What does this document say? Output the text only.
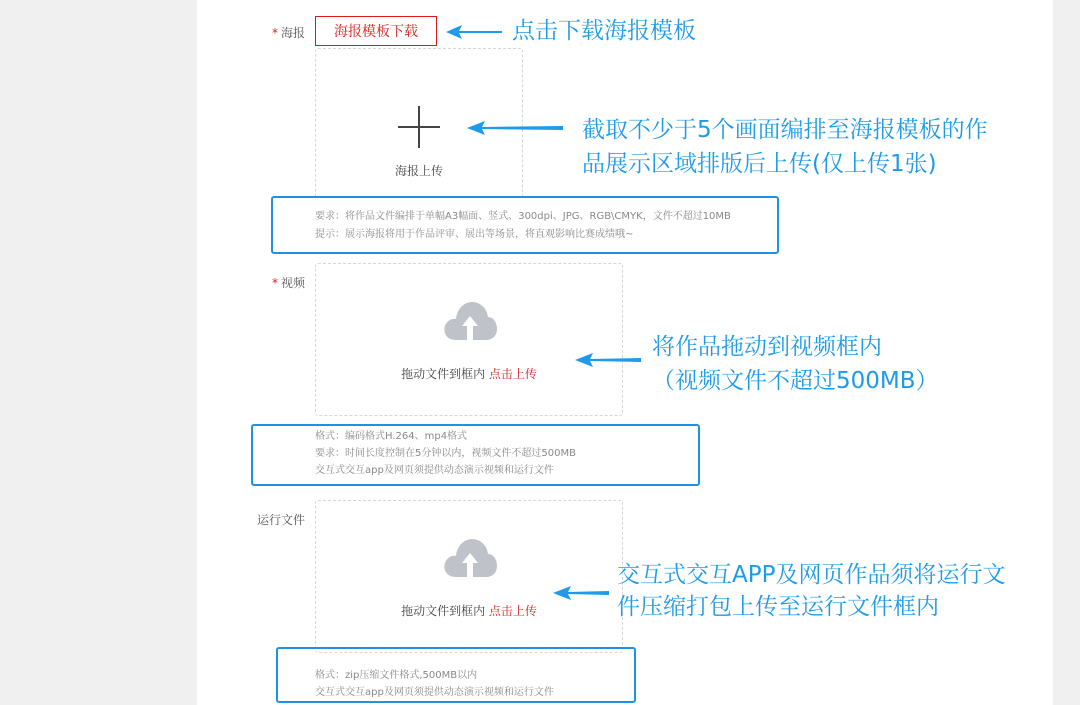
* 海报	海报模板下载
海报上传
要求：将作品文件编排于单幅A3幅面、竖式、300dpi、JPG、RGB\CMYK，文件不超过10MB
提示：展示海报将用于作品评审、展出等场景，将直观影响比赛成绩哦~
点击下载海报模板
截取不少于5个画面编排至海报模板的作
品展示区域排版后上传(仅上传1张)
* 视频
拖动文件到框内 点击上传
格式：编码格式H.264、mp4格式
要求：时间长度控制在5分钟以内，视频文件不超过500MB
交互式交互app及网页须提供动态演示视频和运行文件
将作品拖动到视频框内
（视频文件不超过500MB）
运行文件
拖动文件到框内 点击上传
格式：zip压缩文件格式,500MB以内
交互式交互app及网页须提供动态演示视频和运行文件
交互式交互APP及网页作品须将运行文
件压缩打包上传至运行文件框内
